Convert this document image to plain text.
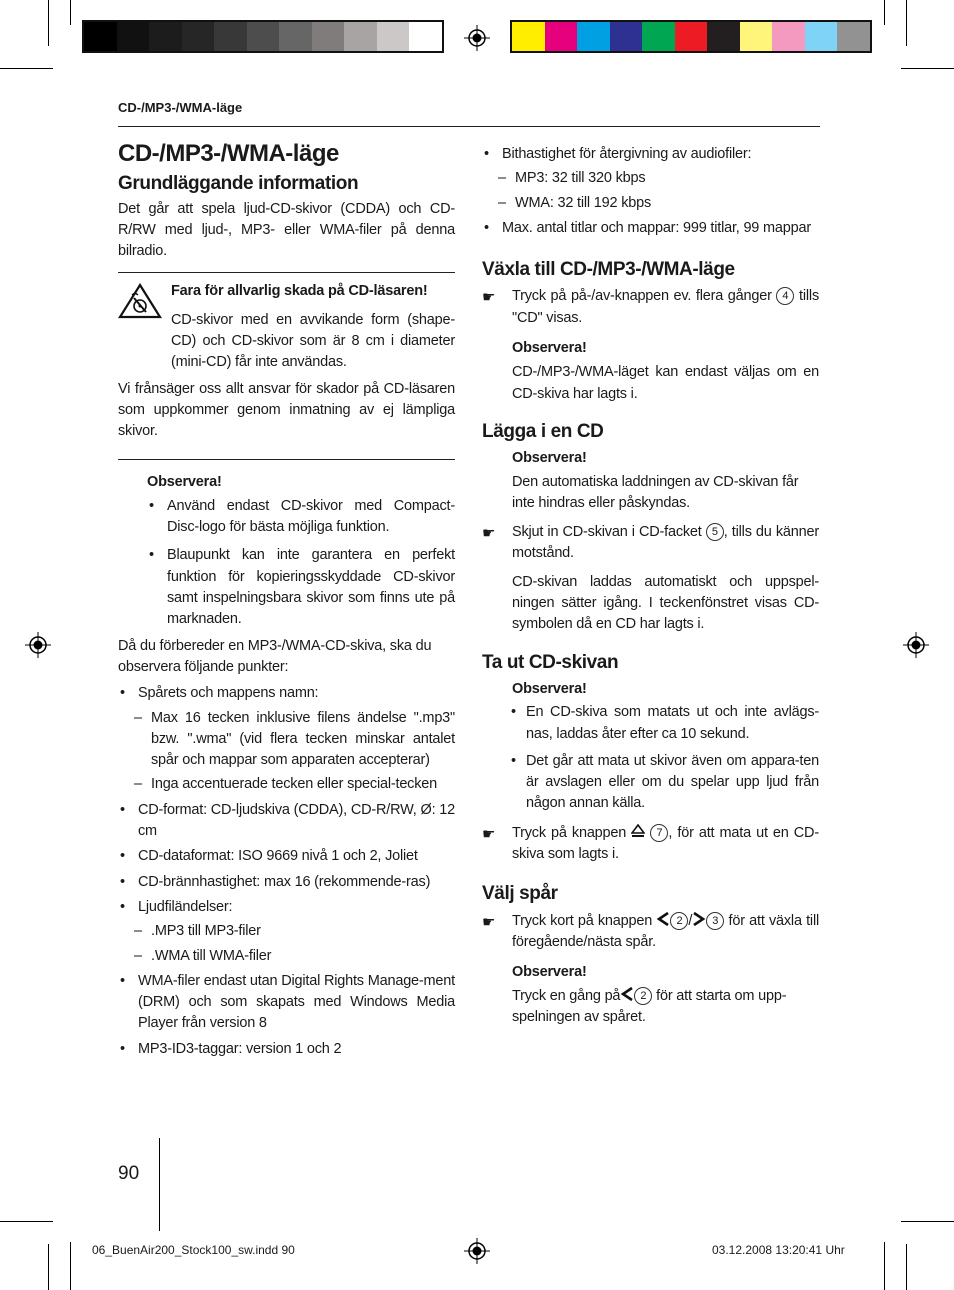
CD-/MP3-/WMA-läge
CD-/MP3-/WMA-läge
Grundläggande information

Det går att spela ljud-CD-skivor (CDDA) och CD-R/RW med ljud-, MP3- eller WMA-filer på denna bilradio.

Fara för allvarlig skada på CD-läsaren!

CD-skivor med en avvikande form (shape-CD) och CD-skivor som är 8 cm i diameter (mini-CD) får inte användas.

Vi frånsäger oss allt ansvar för skador på CD-läsaren som uppkommer genom inmatning av ej lämpliga skivor.

Observera!

• Använd endast CD-skivor med Compact-Disc-logo för bästa möjliga funktion.
• Blaupunkt kan inte garantera en perfekt funktion för kopieringsskyddade CD-skivor samt inspelningsbara skivor som finns ute på marknaden.

Då du förbereder en MP3-/WMA-CD-skiva, ska du observera följande punkter:

• Spårets och mappens namn:
– Max 16 tecken inklusive filens ändelse ".mp3" bzw. ".wma" (vid flera tecken minskar antalet spår och mappar som apparaten accepterar)
– Inga accentuerade tecken eller special-tecken
• CD-format: CD-ljudskiva (CDDA), CD-R/RW, Ø: 12 cm
• CD-dataformat: ISO 9669 nivå 1 och 2, Joliet
• CD-brännhastighet: max 16 (rekommende-ras)
• Ljudfiländelser:
– .MP3 till MP3-filer
– .WMA till WMA-filer
• WMA-filer endast utan Digital Rights Manage-ment (DRM) och som skapats med Windows Media Player från version 8
• MP3-ID3-taggar: version 1 och 2
• Bithastighet för återgivning av audiofiler:
– MP3: 32 till 320 kbps
– WMA: 32 till 192 kbps
• Max. antal titlar och mappar: 999 titlar, 99 mappar
Växla till CD-/MP3-/WMA-läge
☛ Tryck på på-/av-knappen ev. flera gånger 4 tills "CD" visas.

Observera!

CD-/MP3-/WMA-läget kan endast väljas om en CD-skiva har lagts i.

Lägga i en CD

Observera!

Den automatiska laddningen av CD-skivan får inte hindras eller påskyndas.

☛ Skjut in CD-skivan i CD-facket 5 , tills du känner motstånd.

CD-skivan laddas automatiskt och uppspel-ningen sätter igång. I teckenfönstret visas CD-symbolen då en CD har lagts i.

Ta ut CD-skivan

Observera!

• En CD-skiva som matats ut och inte avlägs-nas, laddas åter efter ca 10 sekund.
• Det går att mata ut skivor även om appara-ten är avslagen eller om du spelar upp ljud från någon annan källa.
☛ Tryck på knappen	7 , för att mata ut en CD-skiva som lagts i.
Välj spår
☛ Tryck kort på knappen 2 / 3 för att växla till föregående/nästa spår.

Observera!

Tryck en gång på 2 för att starta om upp-spelningen av spåret.

90
06_BuenAir200_Stock100_sw.indd 90	03.12.2008 13:20:41 Uhr
